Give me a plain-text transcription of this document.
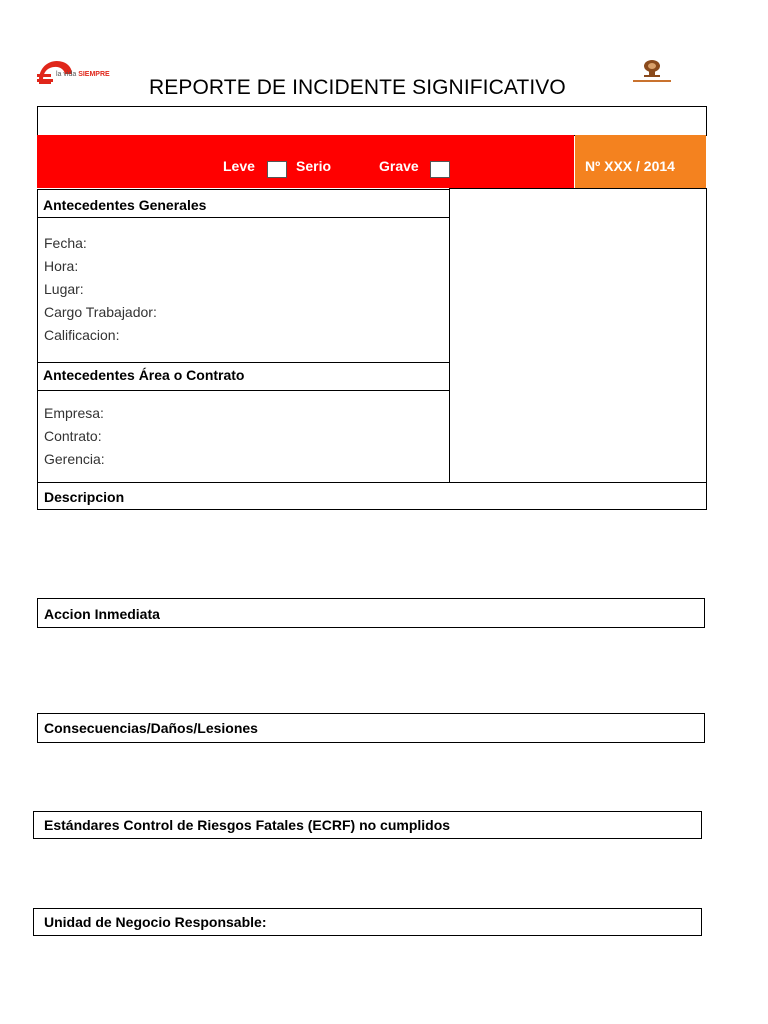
la vida SIEMPRE
REPORTE DE INCIDENTE SIGNIFICATIVO
Leve	Serio	Grave	Nº XXX / 2014
Antecedentes Generales
Fecha:
Hora:
Lugar:
Cargo Trabajador:
Calificacion:
Antecedentes Área o Contrato
Empresa:
Contrato:
Gerencia:
Descripcion
Accion Inmediata
Consecuencias/Daños/Lesiones
Estándares Control de Riesgos Fatales (ECRF) no cumplidos
Unidad de Negocio Responsable:
